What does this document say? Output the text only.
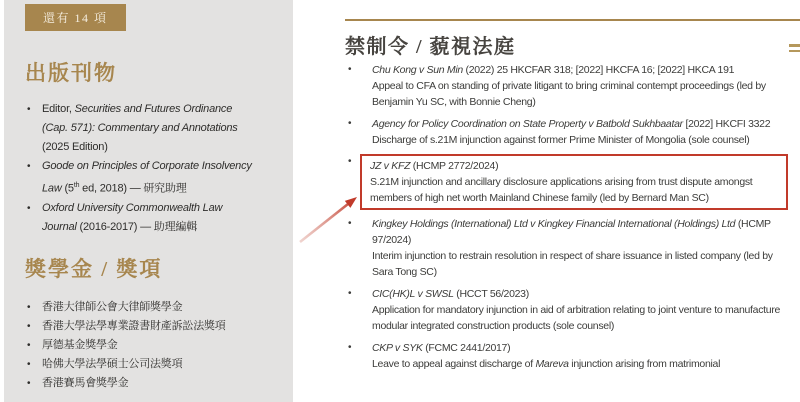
還有 14 項
出版刊物
• Editor, Securities and Futures Ordinance (Cap. 571): Commentary and Annotations (2025 Edition)
• Goode on Principles of Corporate Insolvency Law (5th ed, 2018) — 研究助理
• Oxford University Commonwealth Law Journal (2016-2017) — 助理編輯
獎學金 / 獎項
• 香港大律師公會大律師獎學金
• 香港大學法學專業證書財產訴訟法獎項
• 厚德基金獎學金
• 哈佛大學法學碩士公司法獎項
• 香港賽馬會獎學金
禁制令 / 藐視法庭
•	Chu Kong v Sun Min (2022) 25 HKCFAR 318; [2022] HKCFA 16; [2022] HKCA 191
Appeal to CFA on standing of private litigant to bring criminal contempt proceedings (led by Benjamin Yu SC, with Bonnie Cheng)
•	Agency for Policy Coordination on State Property v Batbold Sukhbaatar [2022] HKCFI 3322
Discharge of s.21M injunction against former Prime Minister of Mongolia (sole counsel)
•	JZ v KFZ (HCMP 2772/2024)
S.21M injunction and ancillary disclosure applications arising from trust dispute amongst members of high net worth Mainland Chinese family (led by Bernard Man SC)
•	Kingkey Holdings (International) Ltd v Kingkey Financial International (Holdings) Ltd (HCMP 97/2024)
Interim injunction to restrain resolution in respect of share issuance in listed company (led by Sara Tong SC)
•	CIC(HK)L v SWSL (HCCT 56/2023)
Application for mandatory injunction in aid of arbitration relating to joint venture to manufacture modular integrated construction products (sole counsel)
•	CKP v SYK (FCMC 2441/2017)
Leave to appeal against discharge of Mareva injunction arising from matrimonial
